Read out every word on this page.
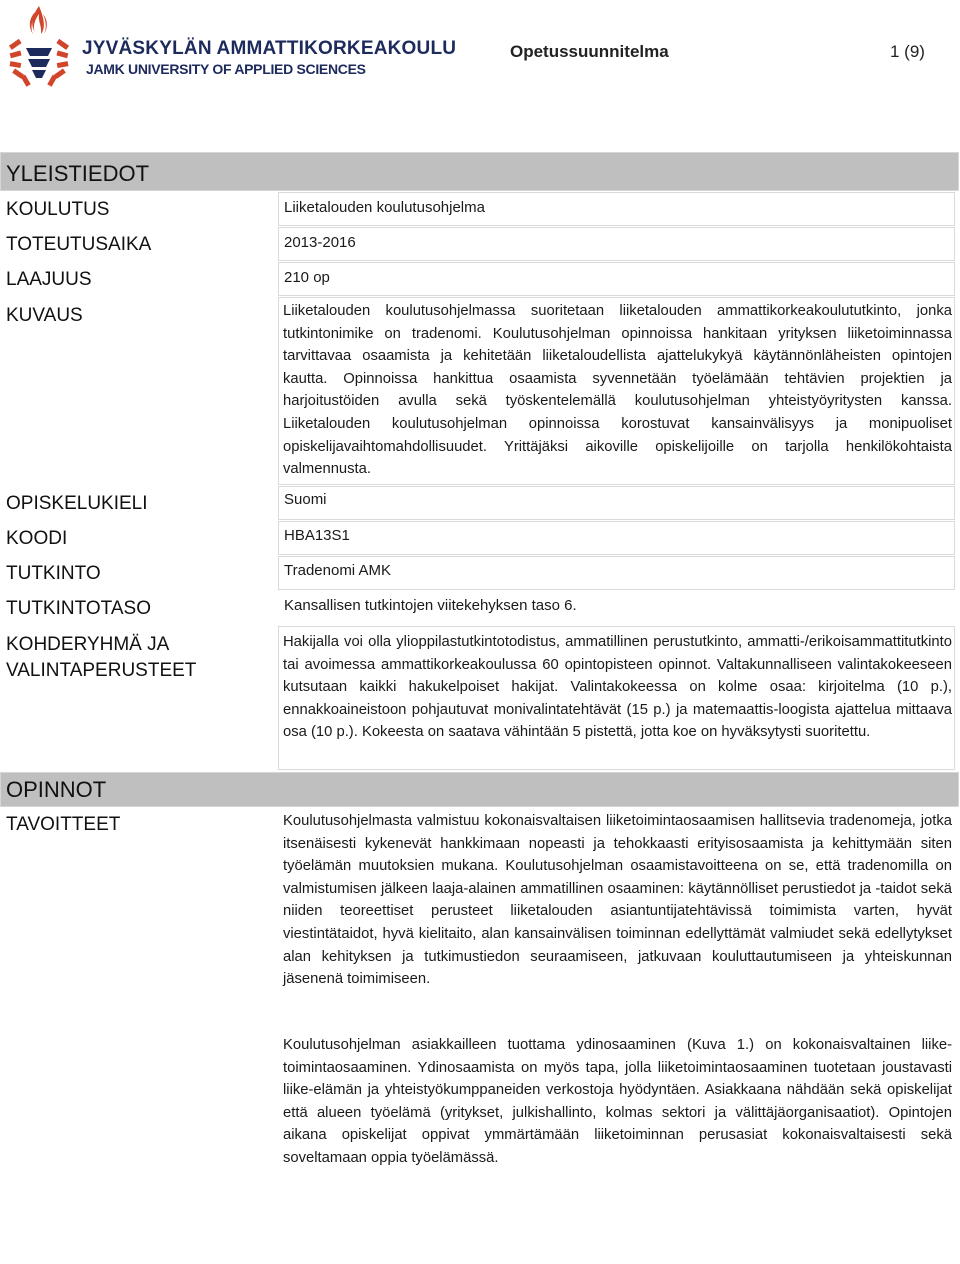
JYVÄSKYLÄN AMMATTIKORKEAKOULU
JAMK UNIVERSITY OF APPLIED SCIENCES
Opetussuunnitelma	1 (9)
YLEISTIEDOT
KOULUTUS	Liiketalouden koulutusohjelma
TOTEUTUSAIKA	2013-2016
LAAJUUS	210 op
KUVAUS	Liiketalouden koulutusohjelmassa suoritetaan liiketalouden ammattikorkeakoulututkinto, jonka tutkintonimike on tradenomi. Koulutusohjelman opinnoissa hankitaan yrityksen liiketoiminnassa tarvittavaa osaamista ja kehitetään liiketaloudellista ajattelukykyä käytännönläheisten opintojen kautta. Opinnoissa hankittua osaamista syvennetään työelämään tehtävien projektien ja harjoitustöiden avulla sekä työskentelemällä koulutusohjelman yhteistyöyritysten kanssa. Liiketalouden koulutusohjelman opinnoissa korostuvat kansainvälisyys ja monipuoliset opiskelijavaihtomahdollisuudet. Yrittäjäksi aikoville opiskelijoille on tarjolla henkilökohtaista valmennusta.
OPISKELUKIELI	Suomi
KOODI	HBA13S1
TUTKINTO	Tradenomi AMK
TUTKINTOTASO	Kansallisen tutkintojen viitekehyksen taso 6.
KOHDERYHMÄ JA
VALINTAPERUSTEET
Hakijalla voi olla ylioppilastutkintotodistus, ammatillinen perustutkinto, ammatti-/erikoisammattitutkinto tai avoimessa ammattikorkeakoulussa 60 opintopisteen opinnot. Valtakunnalliseen valintakokeeseen kutsutaan kaikki hakukelpoiset hakijat. Valintakokeessa on kolme osaa: kirjoitelma (10 p.), ennakkoaineistoon pohjautuvat monivalintatehtävät (15 p.) ja matemaattis-loogista ajattelua mittaava osa (10 p.). Kokeesta on saatava vähintään 5 pistettä, jotta koe on hyväksytysti suoritettu.
OPINNOT
TAVOITTEET	Koulutusohjelmasta valmistuu kokonaisvaltaisen liiketoimintaosaamisen hallitsevia tradenomeja, jotka itsenäisesti kykenevät hankkimaan nopeasti ja tehokkaasti erityisosaamista ja kehittymään siten työelämän muutoksien mukana. Koulutusohjelman osaamistavoitteena on se, että tradenomilla on valmistumisen jälkeen laaja-alainen ammatillinen osaaminen: käytännölliset perustiedot ja -taidot sekä niiden teoreettiset perusteet liiketalouden asiantuntijatehtävissä toimimista varten, hyvät viestintätaidot, hyvä kielitaito, alan kansainvälisen toiminnan edellyttämät valmiudet sekä edellytykset alan kehityksen ja tutkimustiedon seuraamiseen, jatkuvaan kouluttautumiseen ja yhteiskunnan jäsenenä toimimiseen.
Koulutusohjelman asiakkailleen tuottama ydinosaaminen (Kuva 1.) on kokonaisvaltainen liike-toimintaosaaminen. Ydinosaamista on myös tapa, jolla liiketoimintaosaaminen tuotetaan joustavasti liike-elämän ja yhteistyökumppaneiden verkostoja hyödyntäen. Asiakkaana nähdään sekä opiskelijat että alueen työelämä (yritykset, julkishallinto, kolmas sektori ja välittäjäorganisaatiot). Opintojen aikana opiskelijat oppivat ymmärtämään liiketoiminnan perusasiat kokonaisvaltaisesti sekä soveltamaan oppia työelämässä.
